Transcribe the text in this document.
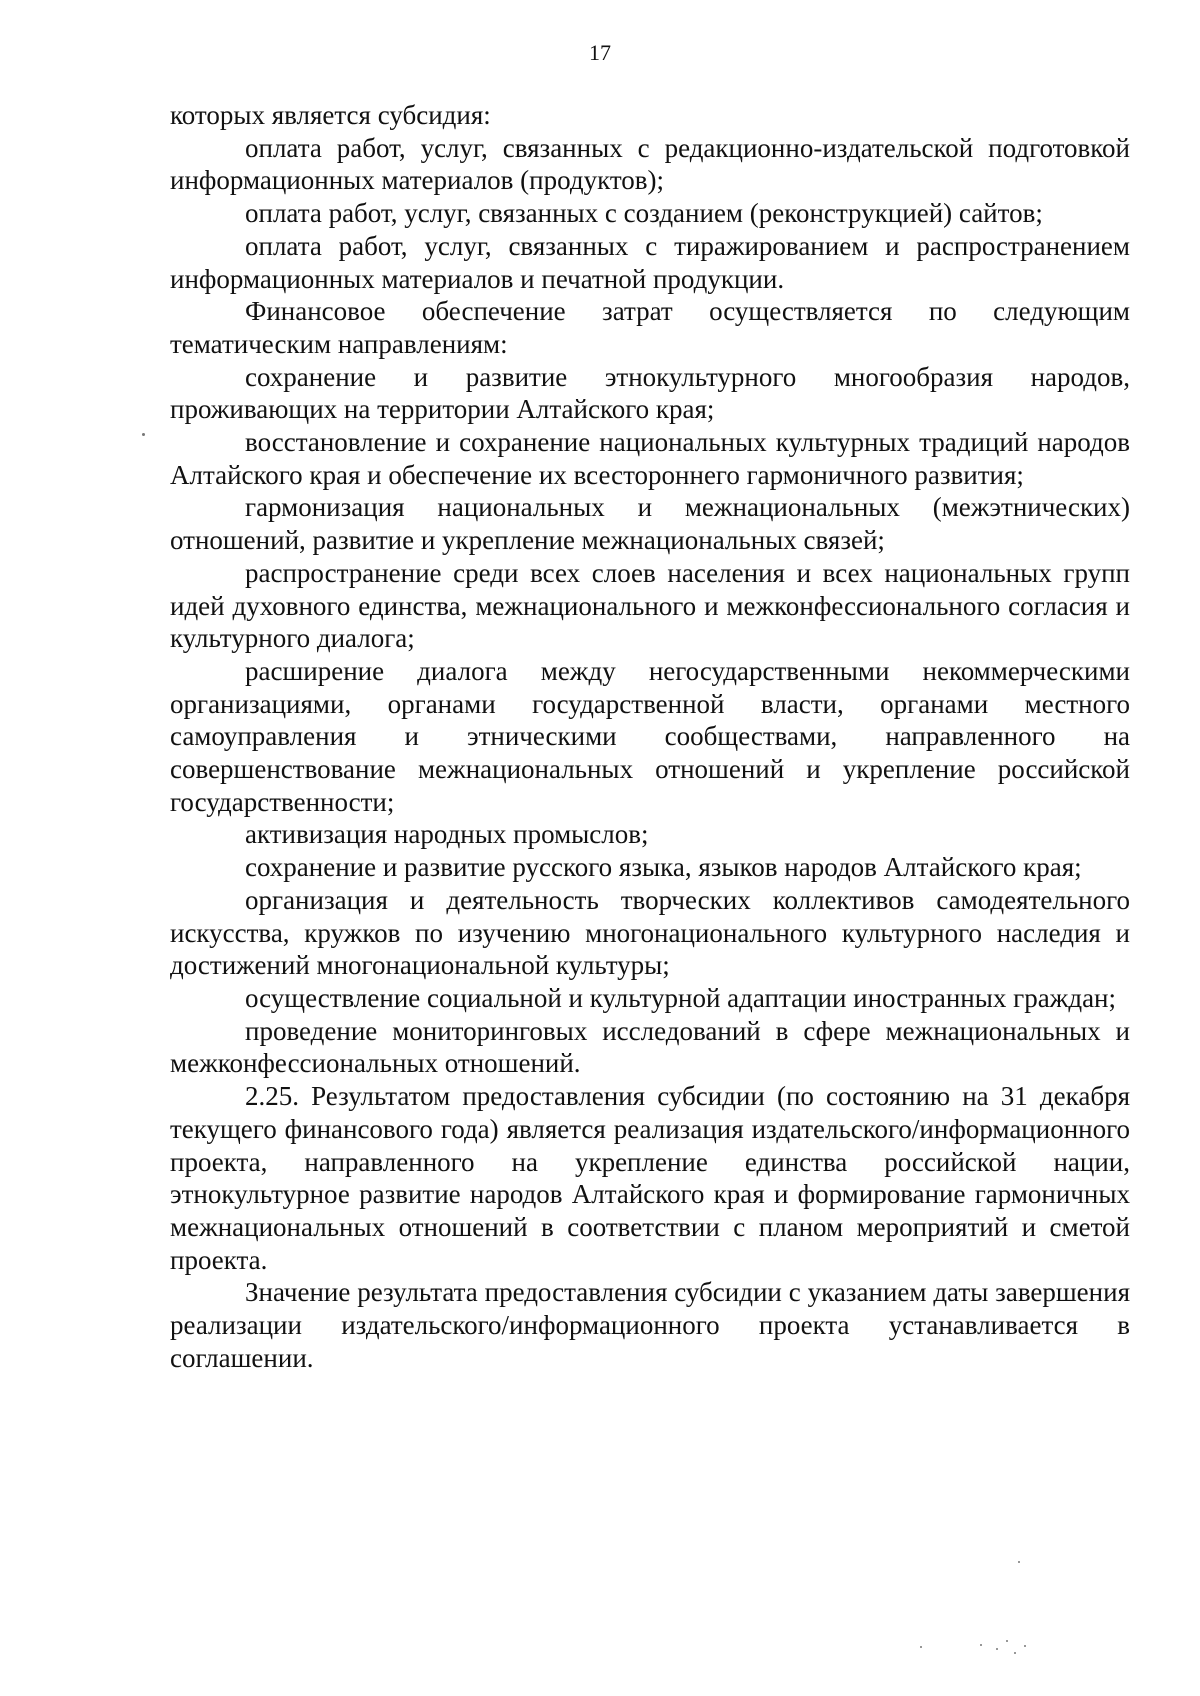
17

которых является субсидия:

оплата работ, услуг, связанных с редакционно-издательской подготовкой информационных материалов (продуктов);

оплата работ, услуг, связанных с созданием (реконструкцией) сайтов;

оплата работ, услуг, связанных с тиражированием и распространением информационных материалов и печатной продукции.

Финансовое обеспечение затрат осуществляется по следующим тематическим направлениям:

сохранение и развитие этнокультурного многообразия народов, проживающих на территории Алтайского края;

восстановление и сохранение национальных культурных традиций народов Алтайского края и обеспечение их всестороннего гармоничного развития;

гармонизация национальных и межнациональных (межэтнических) отношений, развитие и укрепление межнациональных связей;

распространение среди всех слоев населения и всех национальных групп идей духовного единства, межнационального и межконфессионального согласия и культурного диалога;

расширение диалога между негосударственными некоммерческими организациями, органами государственной власти, органами местного самоуправления и этническими сообществами, направленного на совершенствование межнациональных отношений и укрепление российской государственности;

активизация народных промыслов;

сохранение и развитие русского языка, языков народов Алтайского края;

организация и деятельность творческих коллективов самодеятельного искусства, кружков по изучению многонационального культурного наследия и достижений многонациональной культуры;

осуществление социальной и культурной адаптации иностранных граждан;

проведение мониторинговых исследований в сфере межнациональных и межконфессиональных отношений.

2.25. Результатом предоставления субсидии (по состоянию на 31 декабря текущего финансового года) является реализация издательского/информационного проекта, направленного на укрепление единства российской нации, этнокультурное развитие народов Алтайского края и формирование гармоничных межнациональных отношений в соответствии с планом мероприятий и сметой проекта.

Значение результата предоставления субсидии с указанием даты завершения реализации издательского/информационного проекта устанавливается в соглашении.
